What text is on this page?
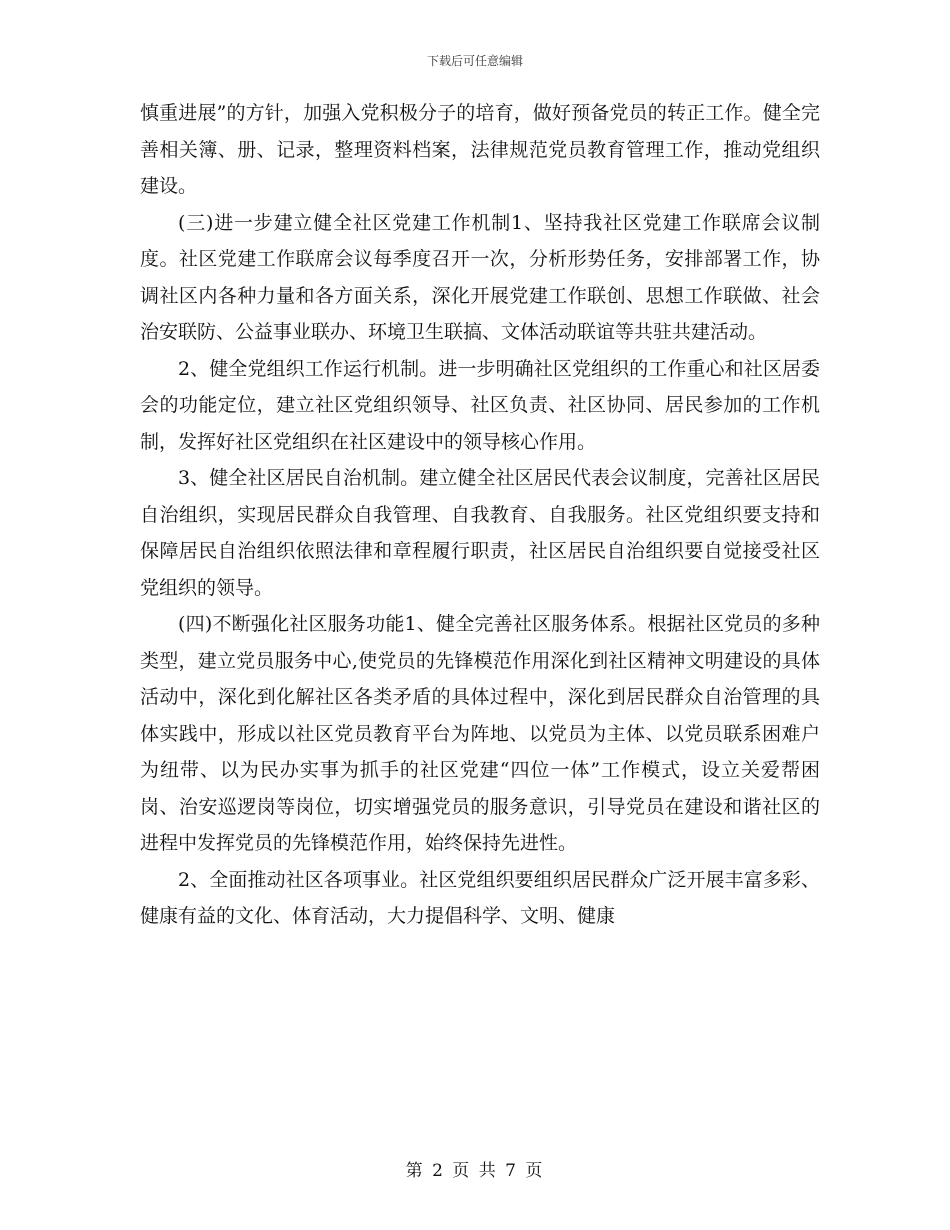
下载后可任意编辑

慎重进展”的方针，加强入党积极分子的培育，做好预备党员的转正工作。健全完善相关簿、册、记录，整理资料档案，法律规范党员教育管理工作，推动党组织建设。

(三)进一步建立健全社区党建工作机制1、坚持我社区党建工作联席会议制度。社区党建工作联席会议每季度召开一次，分析形势任务，安排部署工作，协调社区内各种力量和各方面关系，深化开展党建工作联创、思想工作联做、社会治安联防、公益事业联办、环境卫生联搞、文体活动联谊等共驻共建活动。

2、健全党组织工作运行机制。进一步明确社区党组织的工作重心和社区居委会的功能定位，建立社区党组织领导、社区负责、社区协同、居民参加的工作机制，发挥好社区党组织在社区建设中的领导核心作用。

3、健全社区居民自治机制。建立健全社区居民代表会议制度，完善社区居民自治组织，实现居民群众自我管理、自我教育、自我服务。社区党组织要支持和保障居民自治组织依照法律和章程履行职责，社区居民自治组织要自觉接受社区党组织的领导。

(四)不断强化社区服务功能1、健全完善社区服务体系。根据社区党员的多种类型，建立党员服务中心,使党员的先锋模范作用深化到社区精神文明建设的具体活动中，深化到化解社区各类矛盾的具体过程中，深化到居民群众自治管理的具体实践中，形成以社区党员教育平台为阵地、以党员为主体、以党员联系困难户为纽带、以为民办实事为抓手的社区党建“四位一体”工作模式，设立关爱帮困岗、治安巡逻岗等岗位，切实增强党员的服务意识，引导党员在建设和谐社区的进程中发挥党员的先锋模范作用，始终保持先进性。

2、全面推动社区各项事业。社区党组织要组织居民群众广泛开展丰富多彩、健康有益的文化、体育活动，大力提倡科学、文明、健康

第 2 页 共 7 页
